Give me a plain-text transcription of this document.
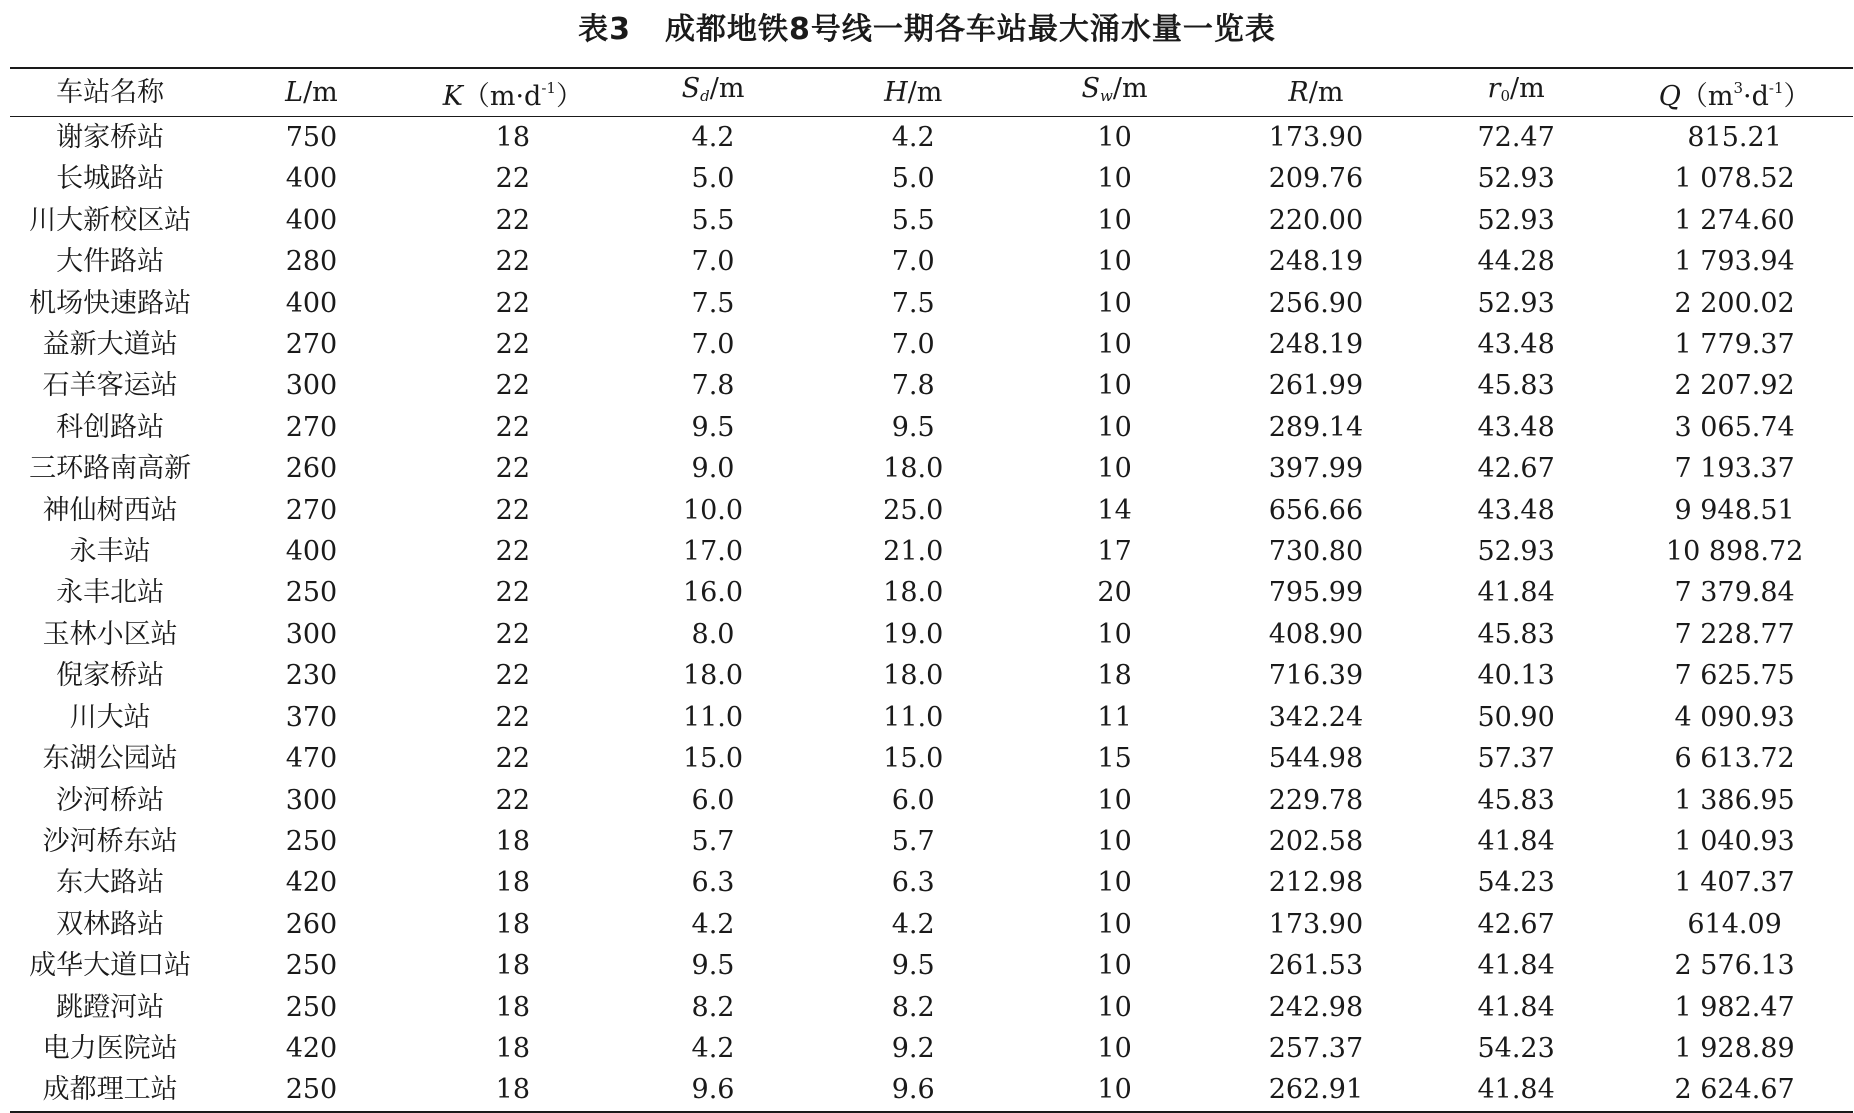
表3 成都地铁8号线一期各车站最大涌水量一览表
车站名称	L/m	$K(m\cdot d^{-1})$	$S_d/m$	H/m	$S_w/m$	R/m	$r_0/m$	$Q(m^3\cdot d^{-1})$
谢家桥站	750	18	4.2	4.2	10	173.90	72.47	815.21
长城路站	400	22	5.0	5.0	10	209.76	52.93	1 078.52
川大新校区站	400	22	5.5	5.5	10	220.00	52.93	1 274.60
大件路站	280	22	7.0	7.0	10	248.19	44.28	1 793.94
机场快速路站	400	22	7.5	7.5	10	256.90	52.93	2 200.02
益新大道站	270	22	7.0	7.0	10	248.19	43.48	1 779.37
石羊客运站	300	22	7.8	7.8	10	261.99	45.83	2 207.92
科创路站	270	22	9.5	9.5	10	289.14	43.48	3 065.74
三环路南高新	260	22	9.0	18.0	10	397.99	42.67	7 193.37
神仙树西站	270	22	10.0	25.0	14	656.66	43.48	9 948.51
永丰站	400	22	17.0	21.0	17	730.80	52.93	10 898.72
永丰北站	250	22	16.0	18.0	20	795.99	41.84	7 379.84
玉林小区站	300	22	8.0	19.0	10	408.90	45.83	7 228.77
倪家桥站	230	22	18.0	18.0	18	716.39	40.13	7 625.75
川大站	370	22	11.0	11.0	11	342.24	50.90	4 090.93
东湖公园站	470	22	15.0	15.0	15	544.98	57.37	6 613.72
沙河桥站	300	22	6.0	6.0	10	229.78	45.83	1 386.95
沙河桥东站	250	18	5.7	5.7	10	202.58	41.84	1 040.93
东大路站	420	18	6.3	6.3	10	212.98	54.23	1 407.37
双林路站	260	18	4.2	4.2	10	173.90	42.67	614.09
成华大道口站	250	18	9.5	9.5	10	261.53	41.84	2 576.13
跳蹬河站	250	18	8.2	8.2	10	242.98	41.84	1 982.47
电力医院站	420	18	4.2	9.2	10	257.37	54.23	1 928.89
成都理工站	250	18	9.6	9.6	10	262.91	41.84	2 624.67
